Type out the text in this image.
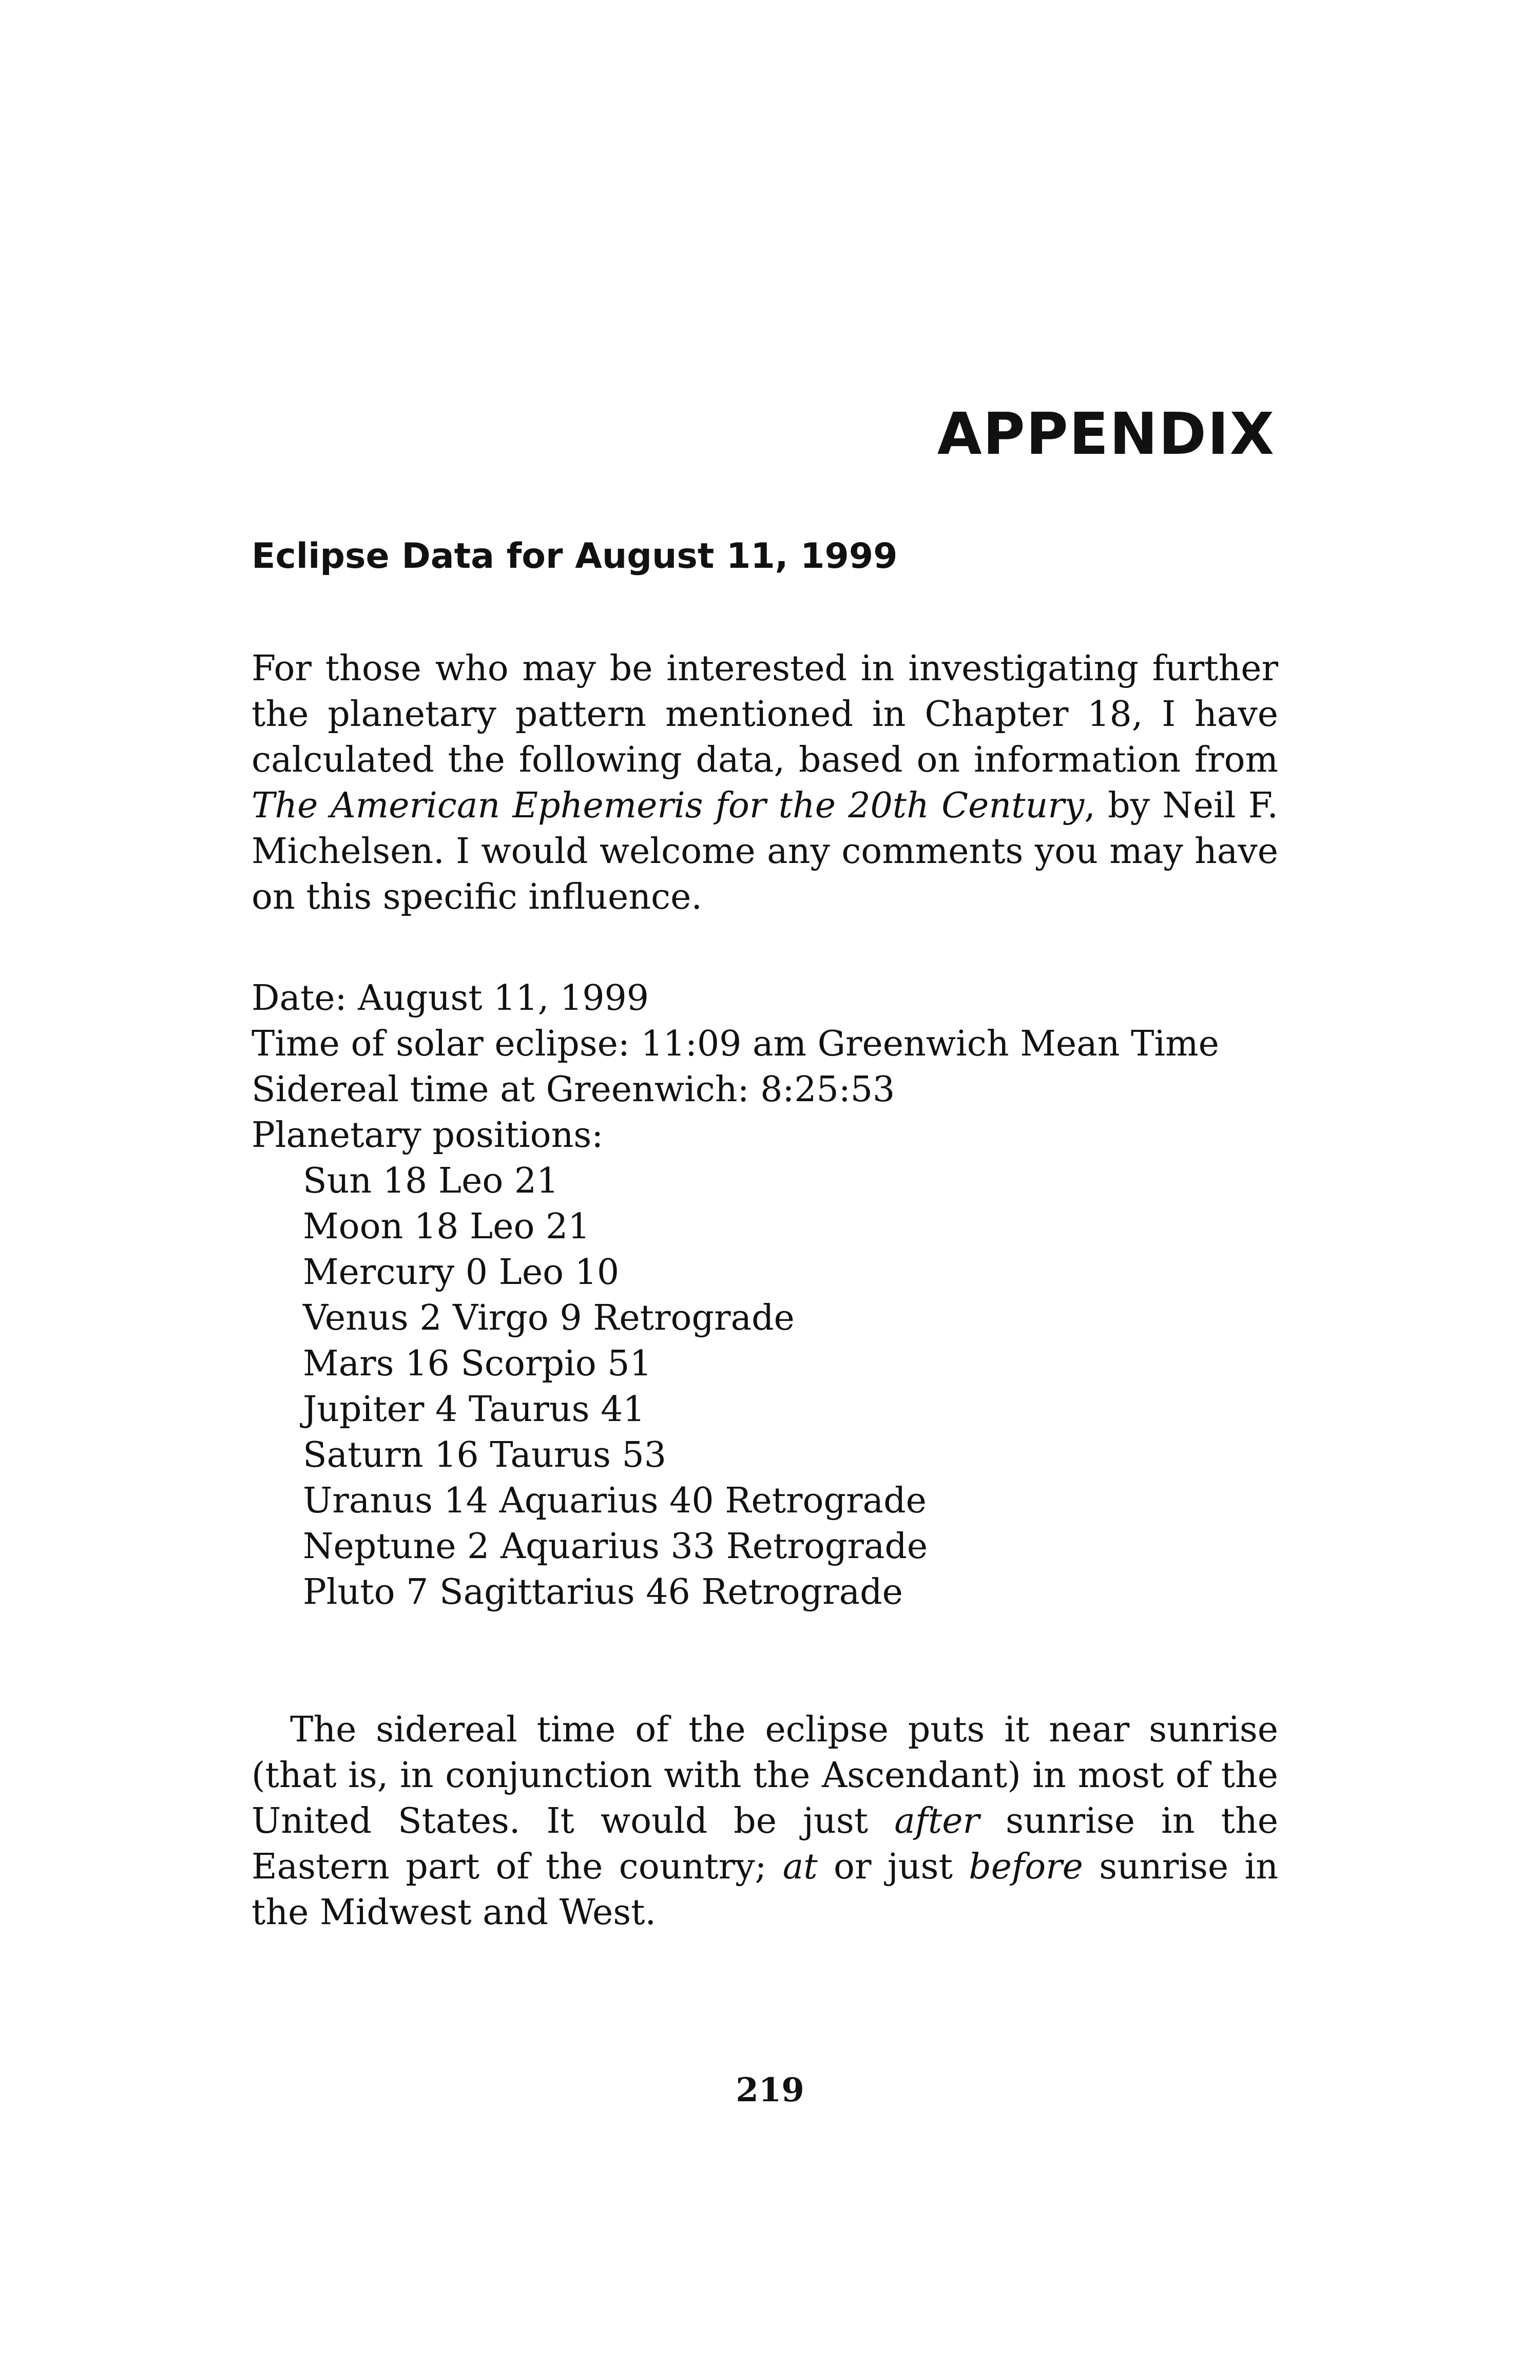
APPENDIX
Eclipse Data for August 11, 1999

For those who may be interested in investigating further the planetary pattern mentioned in Chapter 18, I have calculated the following data, based on information from The American Ephemeris for the 20th Century, by Neil F. Michelsen. I would welcome any comments you may have on this specific influence.

Date: August 11, 1999
Time of solar eclipse: 11:09 am Greenwich Mean Time
Sidereal time at Greenwich: 8:25:53
Planetary positions:
Sun 18 Leo 21
Moon 18 Leo 21
Mercury 0 Leo 10
Venus 2 Virgo 9 Retrograde
Mars 16 Scorpio 51
Jupiter 4 Taurus 41
Saturn 16 Taurus 53
Uranus 14 Aquarius 40 Retrograde
Neptune 2 Aquarius 33 Retrograde
Pluto 7 Sagittarius 46 Retrograde

The sidereal time of the eclipse puts it near sunrise (that is, in conjunction with the Ascendant) in most of the United States. It would be just after sunrise in the Eastern part of the country; at or just before sunrise in the Midwest and West.

219
